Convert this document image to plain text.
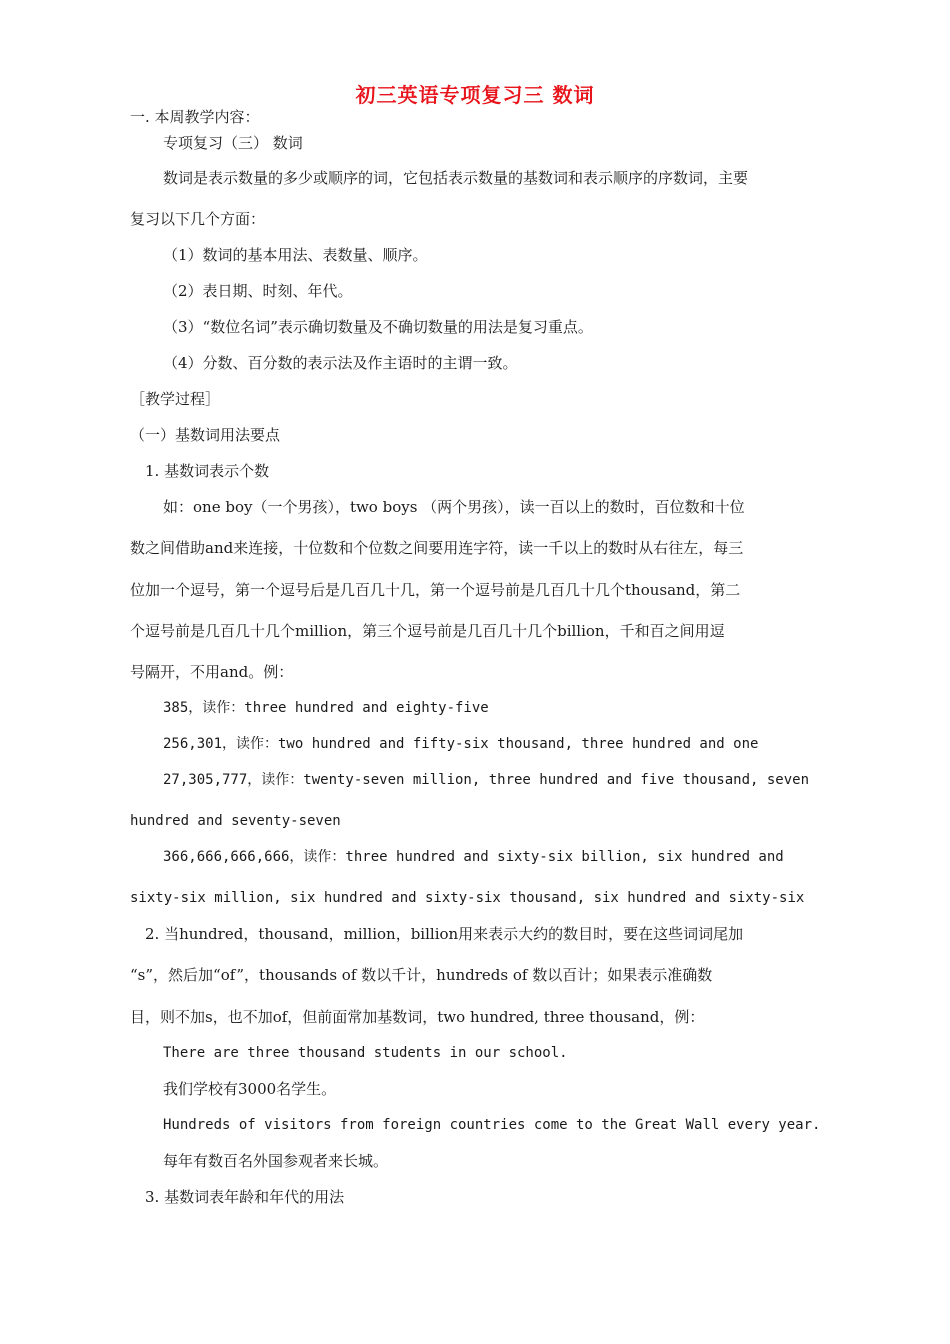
初三英语专项复习三 数词
一. 本周教学内容：
专项复习（三） 数词
数词是表示数量的多少或顺序的词，它包括表示数量的基数词和表示顺序的序数词，主要
复习以下几个方面：
（1）数词的基本用法、表数量、顺序。
（2）表日期、时刻、年代。
（3）“数位名词”表示确切数量及不确切数量的用法是复习重点。
（4）分数、百分数的表示法及作主语时的主谓一致。
［教学过程］
（一）基数词用法要点
1. 基数词表示个数
如：one boy（一个男孩），two boys （两个男孩），读一百以上的数时，百位数和十位
数之间借助and来连接，十位数和个位数之间要用连字符，读一千以上的数时从右往左，每三
位加一个逗号，第一个逗号后是几百几十几，第一个逗号前是几百几十几个thousand，第二
个逗号前是几百几十几个million，第三个逗号前是几百几十几个billion，千和百之间用逗
号隔开，不用and。例：
385，读作：three hundred and eighty-five
256,301，读作：two hundred and fifty-six thousand, three hundred and one
27,305,777，读作：twenty-seven million, three hundred and five thousand, seven
hundred and seventy-seven
366,666,666,666，读作：three hundred and sixty-six billion, six hundred and
sixty-six million, six hundred and sixty-six thousand, six hundred and sixty-six
2. 当hundred，thousand，million，billion用来表示大约的数目时，要在这些词词尾加
“s”，然后加“of”，thousands of 数以千计，hundreds of 数以百计；如果表示准确数
目，则不加s，也不加of，但前面常加基数词，two hundred, three thousand，例：
There are three thousand students in our school.
我们学校有3000名学生。
Hundreds of visitors from foreign countries come to the Great Wall every year.
每年有数百名外国参观者来长城。
3. 基数词表年龄和年代的用法
